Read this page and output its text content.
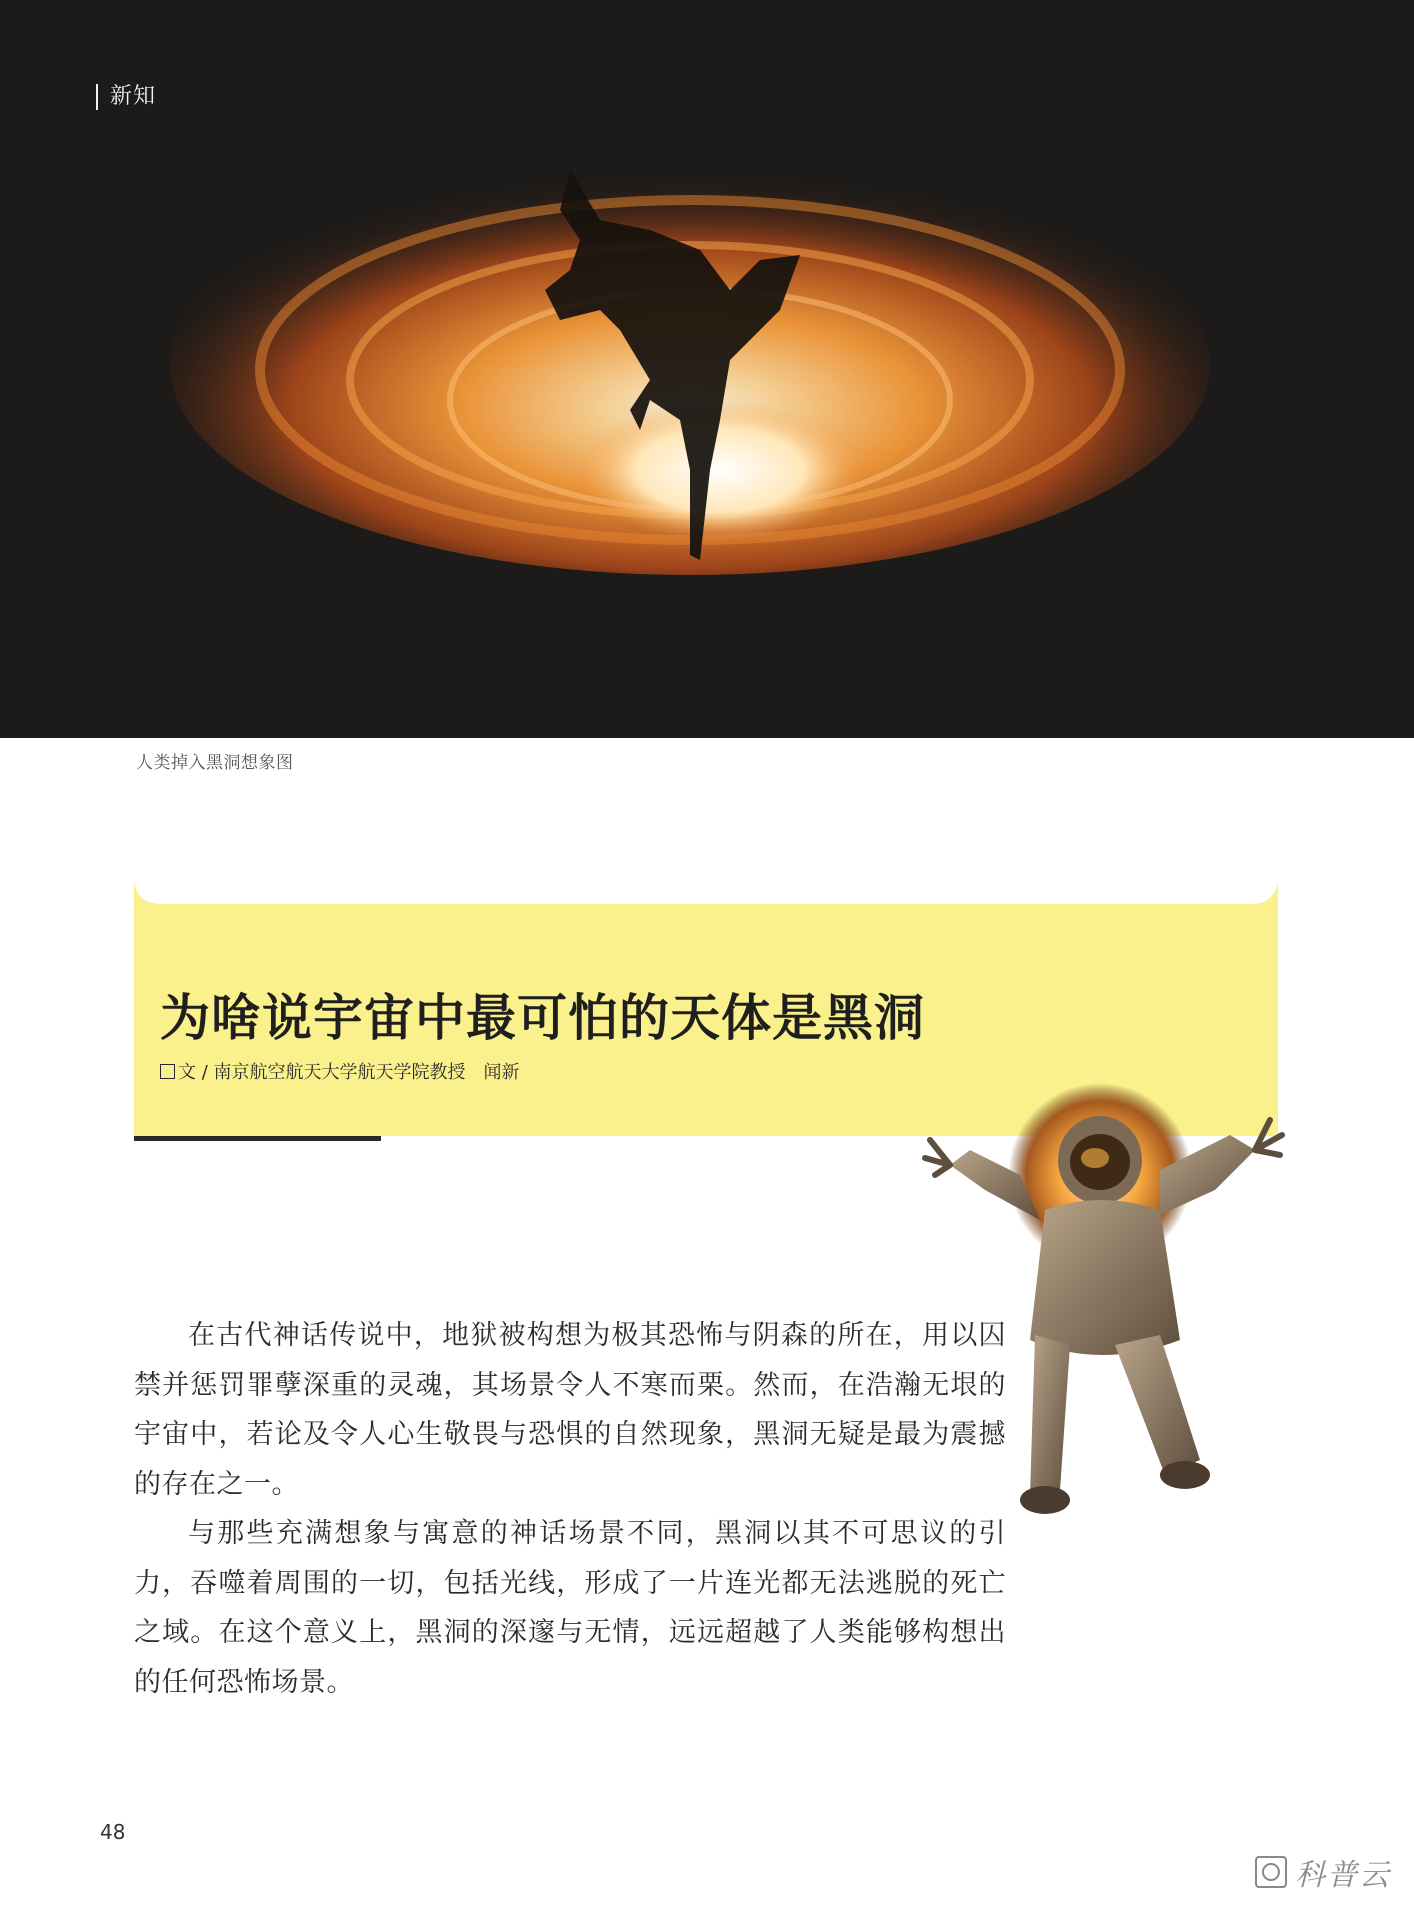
新知
人类掉入黑洞想象图
为啥说宇宙中最可怕的天体是黑洞
文 / 南京航空航天大学航天学院教授 闻新

在古代神话传说中，地狱被构想为极其恐怖与阴森的所在，用以囚禁并惩罚罪孽深重的灵魂，其场景令人不寒而栗。然而，在浩瀚无垠的宇宙中，若论及令人心生敬畏与恐惧的自然现象，黑洞无疑是最为震撼的存在之一。

与那些充满想象与寓意的神话场景不同，黑洞以其不可思议的引力，吞噬着周围的一切，包括光线，形成了一片连光都无法逃脱的死亡之域。在这个意义上，黑洞的深邃与无情，远远超越了人类能够构想出的任何恐怖场景。

48
科普云
